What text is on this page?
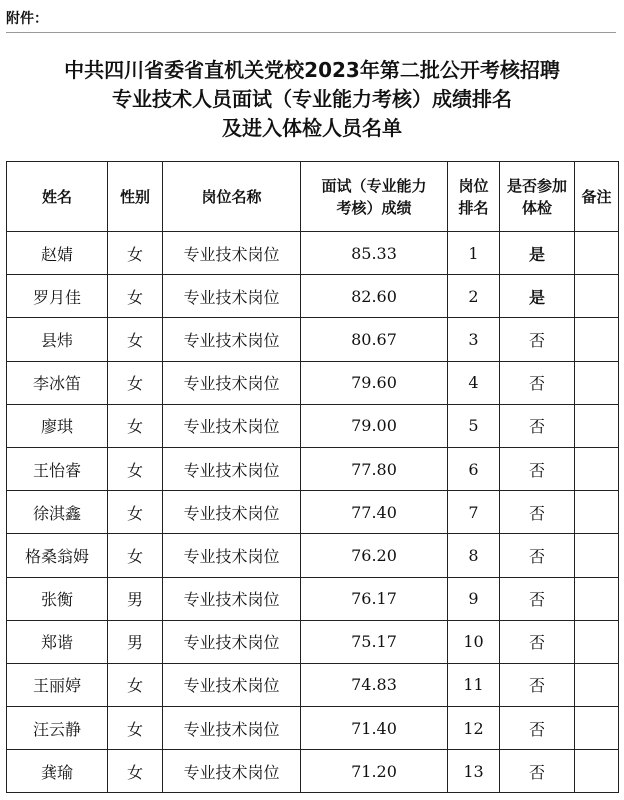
附件：
中共四川省委省直机关党校2023年第二批公开考核招聘
专业技术人员面试（专业能力考核）成绩排名
及进入体检人员名单
姓名	性别	岗位名称	面试（专业能力考核）成绩	岗位排名	是否参加体检	备注
赵婧	女	专业技术岗位	85.33	1	是	
罗月佳	女	专业技术岗位	82.60	2	是	
县炜	女	专业技术岗位	80.67	3	否	
李冰笛	女	专业技术岗位	79.60	4	否	
廖琪	女	专业技术岗位	79.00	5	否	
王怡睿	女	专业技术岗位	77.80	6	否	
徐淇鑫	女	专业技术岗位	77.40	7	否	
格桑翁姆	女	专业技术岗位	76.20	8	否	
张衡	男	专业技术岗位	76.17	9	否	
郑谐	男	专业技术岗位	75.17	10	否	
王丽婷	女	专业技术岗位	74.83	11	否	
汪云静	女	专业技术岗位	71.40	12	否	
龚瑜	女	专业技术岗位	71.20	13	否	
